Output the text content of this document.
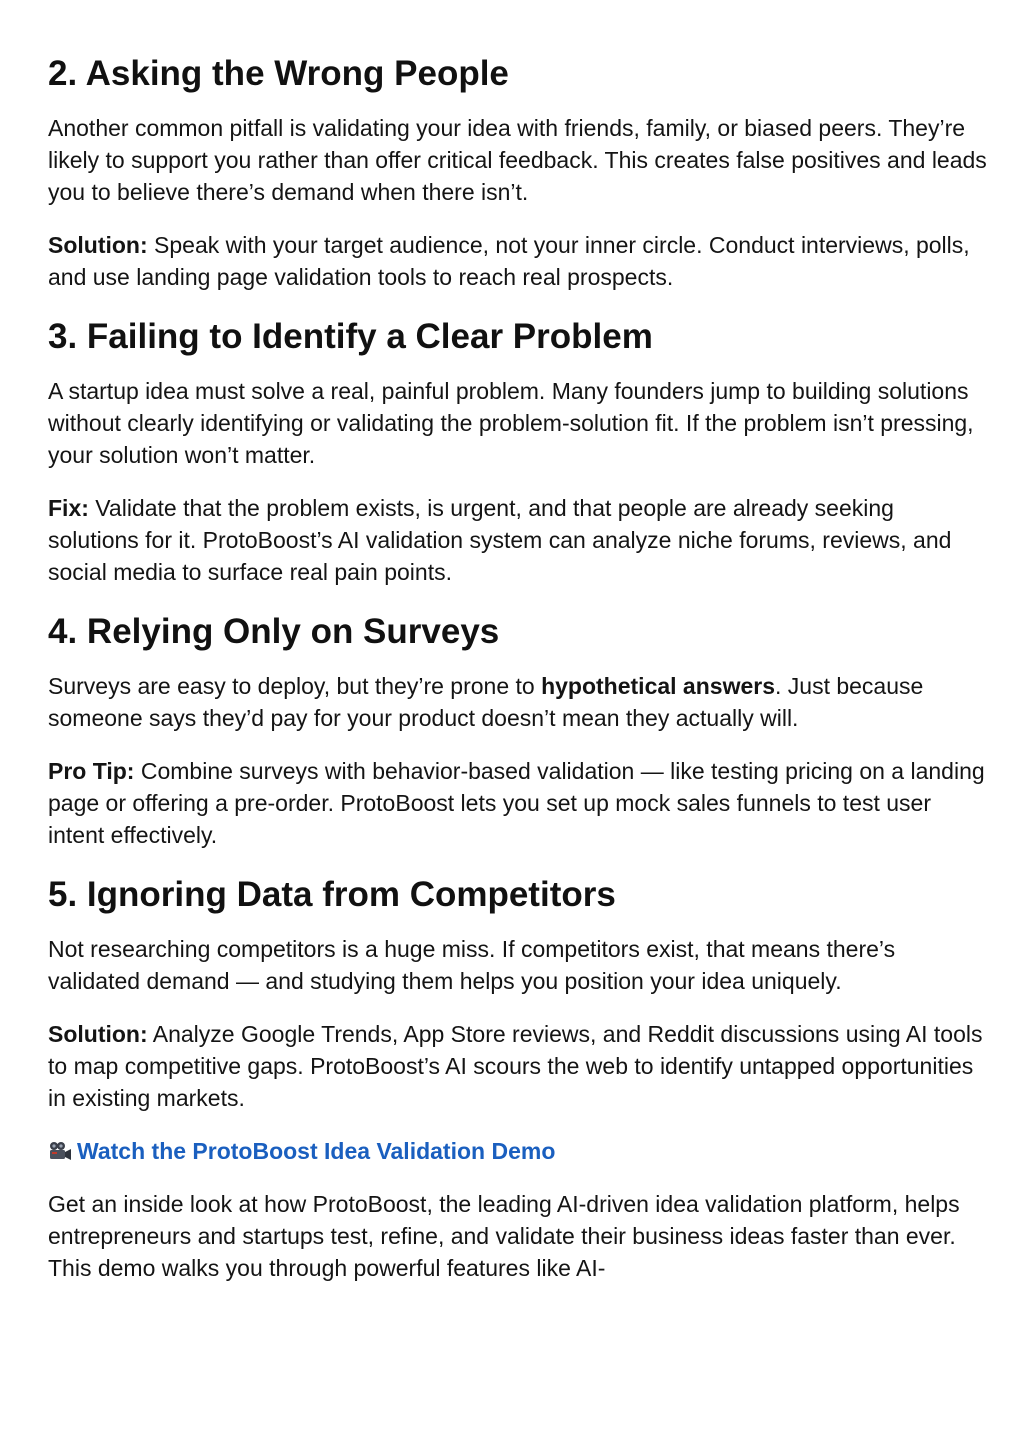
2. Asking the Wrong People

Another common pitfall is validating your idea with friends, family, or biased peers. They’re likely to support you rather than offer critical feedback. This creates false positives and leads you to believe there’s demand when there isn’t.

Solution: Speak with your target audience, not your inner circle. Conduct interviews, polls, and use landing page validation tools to reach real prospects.

3. Failing to Identify a Clear Problem

A startup idea must solve a real, painful problem. Many founders jump to building solutions without clearly identifying or validating the problem-solution fit. If the problem isn’t pressing, your solution won’t matter.

Fix: Validate that the problem exists, is urgent, and that people are already seeking solutions for it. ProtoBoost’s AI validation system can analyze niche forums, reviews, and social media to surface real pain points.

4. Relying Only on Surveys

Surveys are easy to deploy, but they’re prone to hypothetical answers. Just because someone says they’d pay for your product doesn’t mean they actually will.

Pro Tip: Combine surveys with behavior-based validation — like testing pricing on a landing page or offering a pre-order. ProtoBoost lets you set up mock sales funnels to test user intent effectively.

5. Ignoring Data from Competitors

Not researching competitors is a huge miss. If competitors exist, that means there’s validated demand — and studying them helps you position your idea uniquely.

Solution: Analyze Google Trends, App Store reviews, and Reddit discussions using AI tools to map competitive gaps. ProtoBoost’s AI scours the web to identify untapped opportunities in existing markets.

Watch the ProtoBoost Idea Validation Demo

Get an inside look at how ProtoBoost, the leading AI-driven idea validation platform, helps entrepreneurs and startups test, refine, and validate their business ideas faster than ever. This demo walks you through powerful features like AI-
